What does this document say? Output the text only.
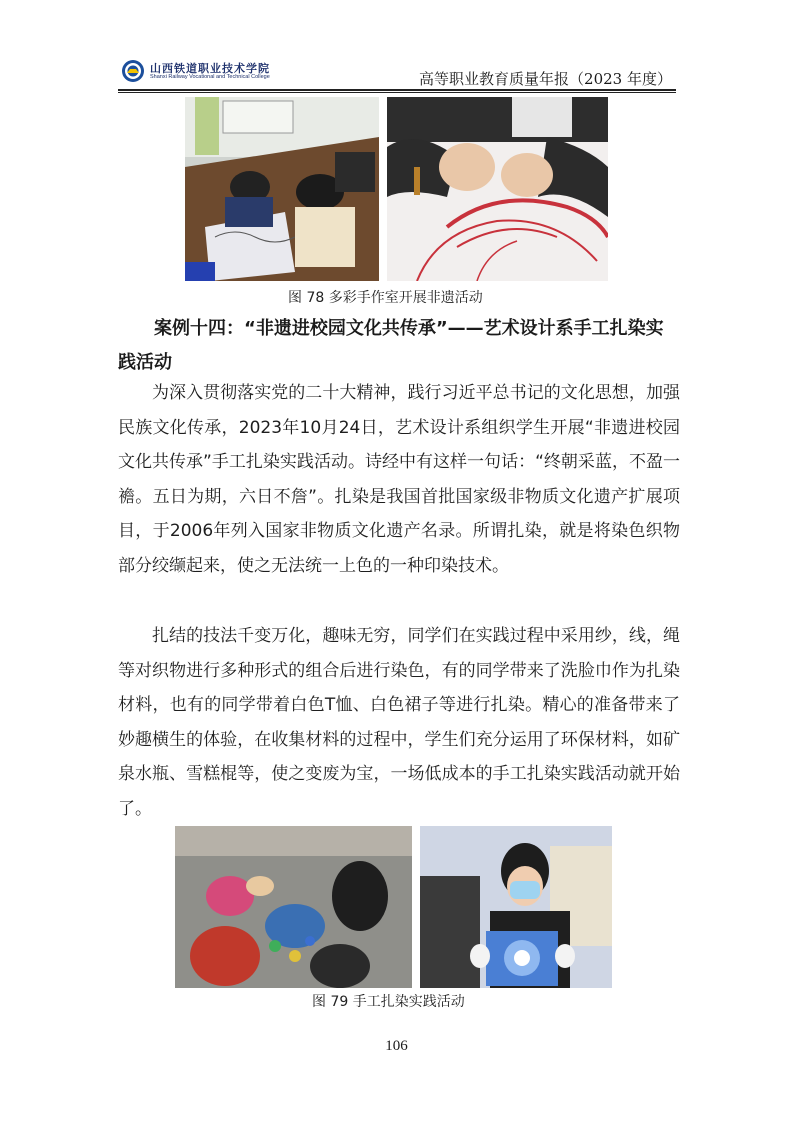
山西铁道职业技术学院
Shanxi Railway Vocational and Technical College	高等职业教育质量年报（2023 年度）
图 78 多彩手作室开展非遗活动
案例十四：“非遗进校园文化共传承”——艺术设计系手工扎染实践活动

为深入贯彻落实党的二十大精神，践行习近平总书记的文化思想，加强民族文化传承，2023年10月24日，艺术设计系组织学生开展“非遗进校园文化共传承”手工扎染实践活动。诗经中有这样一句话：“终朝采蓝，不盈一襜。五日为期，六日不詹”。扎染是我国首批国家级非物质文化遗产扩展项目，于2006年列入国家非物质文化遗产名录。所谓扎染，就是将染色织物部分绞缬起来，使之无法统一上色的一种印染技术。

扎结的技法千变万化，趣味无穷，同学们在实践过程中采用纱，线，绳等对织物进行多种形式的组合后进行染色，有的同学带来了洗脸巾作为扎染材料，也有的同学带着白色T恤、白色裙子等进行扎染。精心的准备带来了妙趣横生的体验，在收集材料的过程中，学生们充分运用了环保材料，如矿泉水瓶、雪糕棍等，使之变废为宝，一场低成本的手工扎染实践活动就开始了。

图 79 手工扎染实践活动
106
